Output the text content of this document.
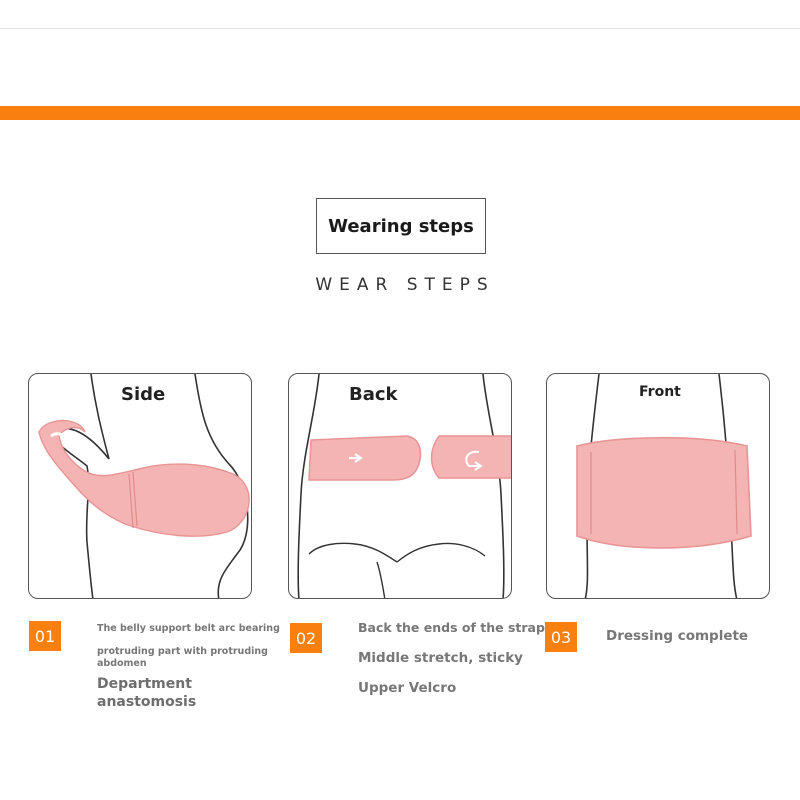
Wearing steps
WEAR STEPS
Side	Back	Front
01	The belly support belt arc bearing
protruding part with protruding
abdomen
Department
anastomosis
02
Back the ends of the strap
Middle stretch, sticky
Upper Velcro
03	Dressing complete
